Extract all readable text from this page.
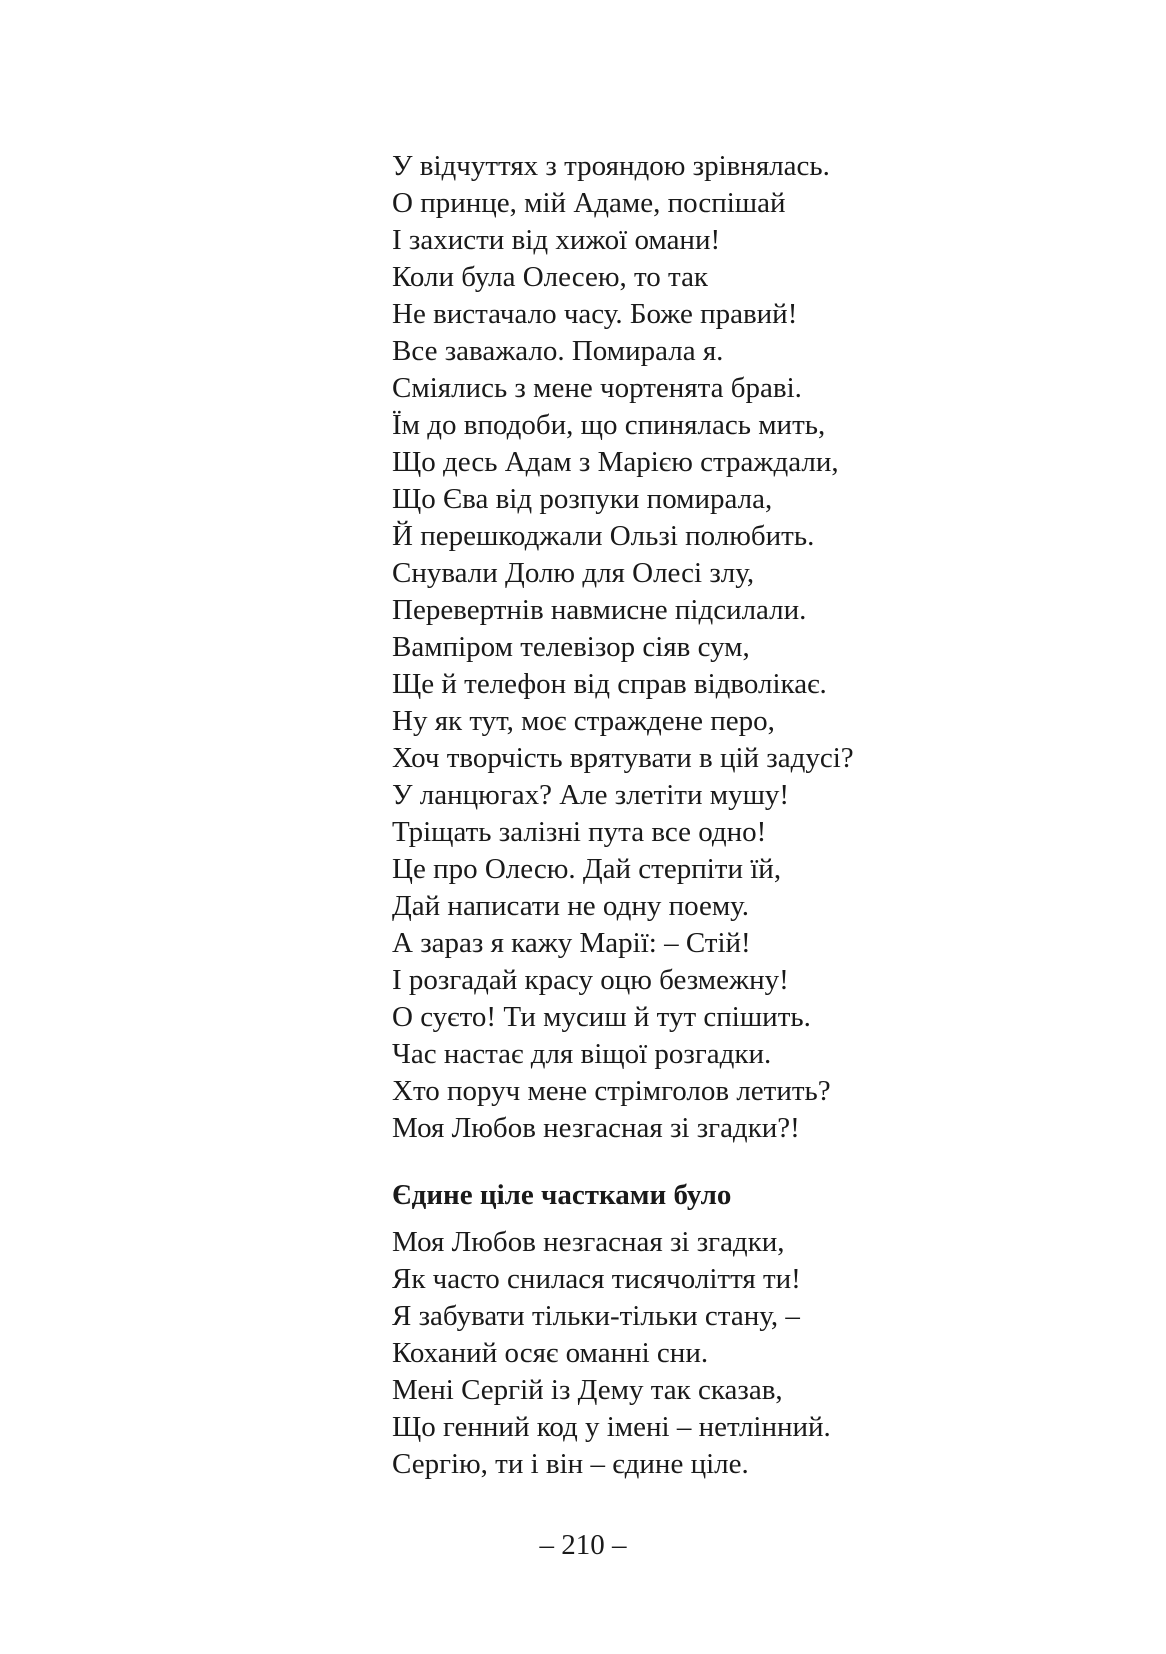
У відчуттях з трояндою зрівнялась.
О принце, мій Адаме, поспішай
І захисти від хижої омани!
Коли була Олесею, то так
Не вистачало часу. Боже правий!
Все заважало. Помирала я.
Сміялись з мене чортенята браві.
Їм до вподоби, що спинялась мить,
Що десь Адам з Марією страждали,
Що Єва від розпуки помирала,
Й перешкоджали Ользі полюбить.
Снували Долю для Олесі злу,
Перевертнів навмисне підсилали.
Вампіром телевізор сіяв сум,
Ще й телефон від справ відволікає.
Ну як тут, моє страждене перо,
Хоч творчість врятувати в цій задусі?
У ланцюгах? Але злетіти мушу!
Тріщать залізні пута все одно!
Це про Олесю. Дай стерпіти їй,
Дай написати не одну поему.
А зараз я кажу Марії: – Стій!
І розгадай красу оцю безмежну!
О суєто! Ти мусиш й тут спішить.
Час настає для віщої розгадки.
Хто поруч мене стрімголов летить?
Моя Любов незгасная зі згадки?!
Єдине ціле частками було
Моя Любов незгасная зі згадки,
Як часто снилася тисячоліття ти!
Я забувати тільки-тільки стану, –
Коханий осяє оманні сни.
Мені Сергій із Дему так сказав,
Що генний код у імені – нетлінний.
Сергію, ти і він – єдине ціле.
– 210 –
